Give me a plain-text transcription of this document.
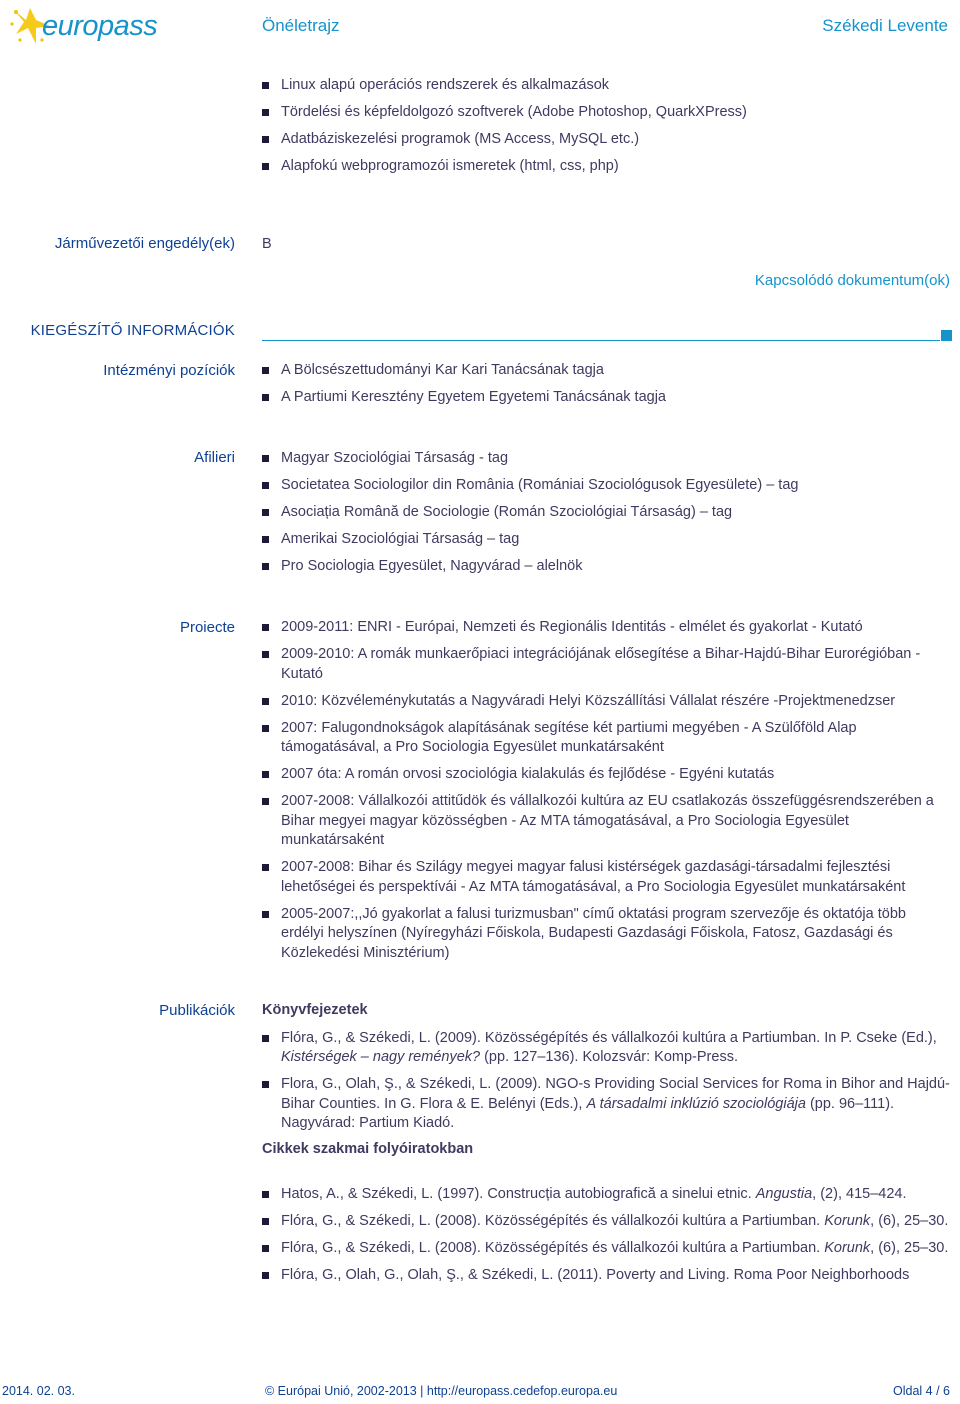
europass	Önéletrajz	Székedi Levente
Linux alapú operációs rendszerek és alkalmazások
Tördelési és képfeldolgozó szoftverek (Adobe Photoshop, QuarkXPress)
Adatbáziskezelési programok (MS Access, MySQL etc.)
Alapfokú webprogramozói ismeretek (html, css, php)
Járművezetői engedély(ek) B
Kapcsolódó dokumentum(ok)
KIEGÉSZÍTŐ INFORMÁCIÓK
Intézményi pozíciók	A Bölcsészettudományi Kar Kari Tanácsának tagja
A Partiumi Keresztény Egyetem Egyetemi Tanácsának tagja
Afilieri	Magyar Szociológiai Társaság - tag
Societatea Sociologilor din România (Romániai Szociológusok Egyesülete) – tag
Asociația Română de Sociologie (Román Szociológiai Társaság) – tag
Amerikai Szociológiai Társaság – tag
Pro Sociologia Egyesület, Nagyvárad – alelnök
Proiecte	2009-2011: ENRI - Európai, Nemzeti és Regionális Identitás - elmélet és gyakorlat - Kutató
2009-2010: A romák munkaerőpiaci integrációjának elősegítése a Bihar-Hajdú-Bihar Eurorégióban - Kutató
2010: Közvéleménykutatás a Nagyváradi Helyi Közszállítási Vállalat részére -Projektmenedzser
2007: Falugondnokságok alapításának segítése két partiumi megyében - A Szülőföld Alap támogatásával, a Pro Sociologia Egyesület munkatársaként
2007 óta: A román orvosi szociológia kialakulás és fejlődése - Egyéni kutatás
2007-2008: Vállalkozói attitűdök és vállalkozói kultúra az EU csatlakozás összefüggésrendszerében a Bihar megyei magyar közösségben - Az MTA támogatásával, a Pro Sociologia Egyesület munkatársaként
2007-2008: Bihar és Szilágy megyei magyar falusi kistérségek gazdasági-társadalmi fejlesztési lehetőségei és perspektívái - Az MTA támogatásával, a Pro Sociologia Egyesület munkatársaként
2005-2007:,,Jó gyakorlat a falusi turizmusban" című oktatási program szervezője és oktatója több erdélyi helyszínen (Nyíregyházi Főiskola, Budapesti Gazdasági Főiskola, Fatosz, Gazdasági és Közlekedési Minisztérium)
Publikációk Könyvfejezetek
Flóra, G., & Székedi, L. (2009). Közösségépítés és vállalkozói kultúra a Partiumban. In P. Cseke (Ed.), Kistérségek – nagy remények? (pp. 127–136). Kolozsvár: Komp-Press.
Flora, G., Olah, Ş., & Székedi, L. (2009). NGO-s Providing Social Services for Roma in Bihor and Hajdú-Bihar Counties. In G. Flora & E. Belényi (Eds.), A társadalmi inklúzió szociológiája (pp. 96–111). Nagyvárad: Partium Kiadó.
Cikkek szakmai folyóiratokban
Hatos, A., & Székedi, L. (1997). Construcția autobiografică a sinelui etnic. Angustia, (2), 415–424.
Flóra, G., & Székedi, L. (2008). Közösségépítés és vállalkozói kultúra a Partiumban. Korunk, (6), 25–30.
Flóra, G., & Székedi, L. (2008). Közösségépítés és vállalkozói kultúra a Partiumban. Korunk, (6), 25–30.
Flóra, G., Olah, G., Olah, Ş., & Székedi, L. (2011). Poverty and Living. Roma Poor Neighborhoods
2014. 02. 03.	© Európai Unió, 2002-2013 | http://europass.cedefop.europa.eu	Oldal 4 / 6
